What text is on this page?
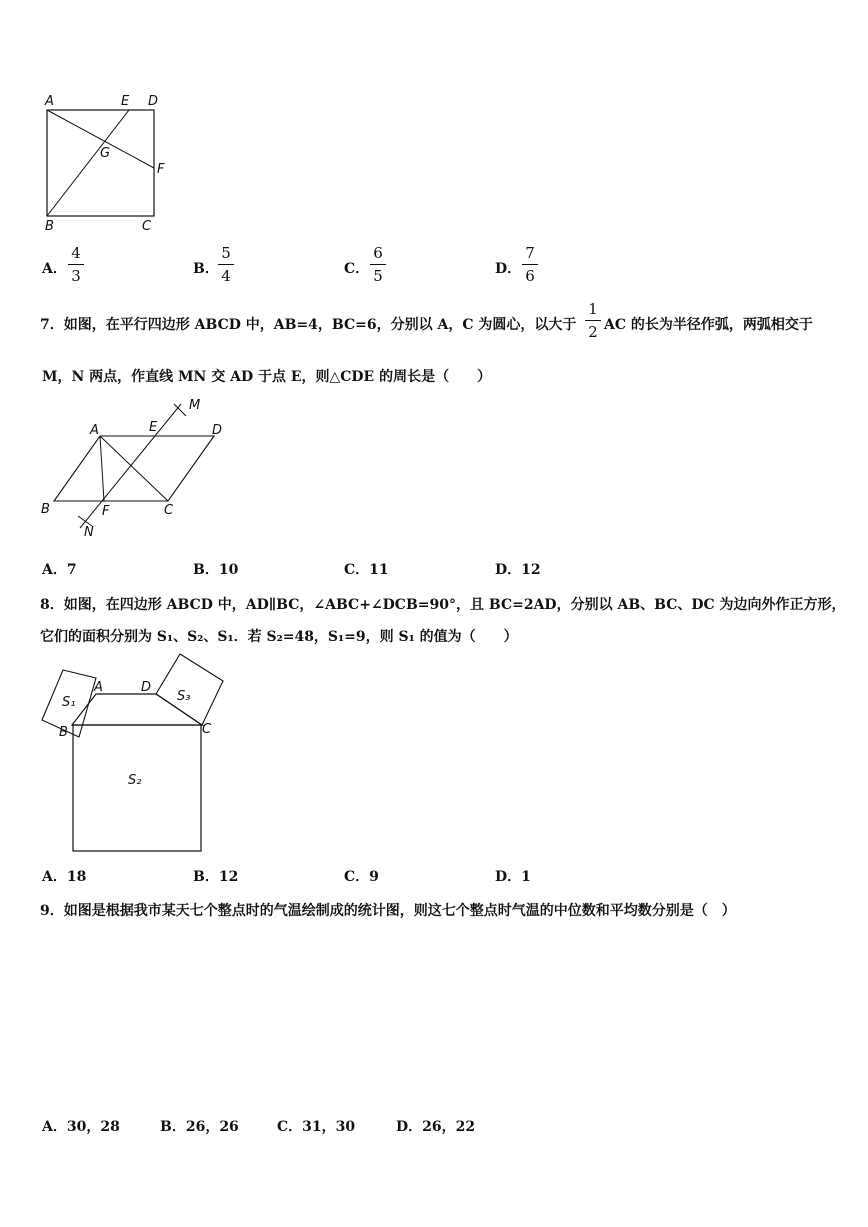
A	E D
G
F
B	C
A．
4
3	B．
5
4	C．
6
5	D．
7
6
7．如图，在平行四边形 ABCD 中，AB=4，BC=6，分别以 A，C 为圆心，以大于
1
2 AC 的长为半径作弧，两弧相交于
M，N 两点，作直线 MN 交 AD 于点 E，则△CDE 的周长是（　　）
A	E	D
M
B	F	C
N
A．7	B．10	C．11	D．12
8．如图，在四边形 ABCD 中，AD∥BC，∠ABC+∠DCB=90°，且 BC=2AD，分别以 AB、BC、DC 为边向外作正方形，
它们的面积分别为 S₁、S₂、S₁．若 S₂=48，S₁=9，则 S₁ 的值为（　　）
S₁
A	D
S₃
B	C
S₂
A．18	B．12	C．9	D．1
9．如图是根据我市某天七个整点时的气温绘制成的统计图，则这七个整点时气温的中位数和平均数分别是（　）
A．30，28	B．26，26	C．31，30	D．26，22
